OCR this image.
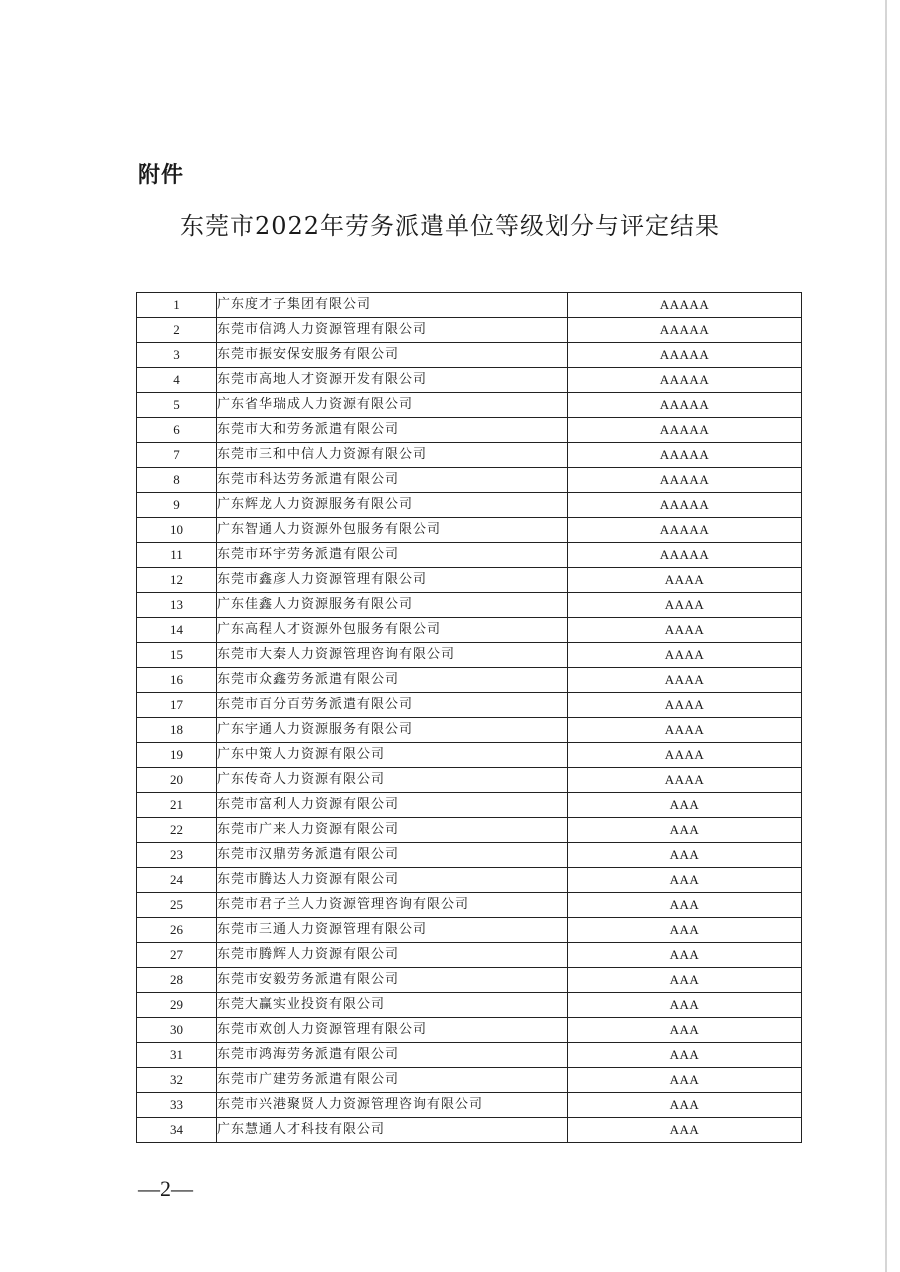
附件
东莞市2022年劳务派遣单位等级划分与评定结果
1	广东度才子集团有限公司	AAAAA
2	东莞市信鸿人力资源管理有限公司	AAAAA
3	东莞市振安保安服务有限公司	AAAAA
4	东莞市高地人才资源开发有限公司	AAAAA
5	广东省华瑞成人力资源有限公司	AAAAA
6	东莞市大和劳务派遣有限公司	AAAAA
7	东莞市三和中信人力资源有限公司	AAAAA
8	东莞市科达劳务派遣有限公司	AAAAA
9	广东辉龙人力资源服务有限公司	AAAAA
10	广东智通人力资源外包服务有限公司	AAAAA
11	东莞市环宇劳务派遣有限公司	AAAAA
12	东莞市鑫彦人力资源管理有限公司	AAAA
13	广东佳鑫人力资源服务有限公司	AAAA
14	广东高程人才资源外包服务有限公司	AAAA
15	东莞市大秦人力资源管理咨询有限公司	AAAA
16	东莞市众鑫劳务派遣有限公司	AAAA
17	东莞市百分百劳务派遣有限公司	AAAA
18	广东宇通人力资源服务有限公司	AAAA
19	广东中策人力资源有限公司	AAAA
20	广东传奇人力资源有限公司	AAAA
21	东莞市富利人力资源有限公司	AAA
22	东莞市广来人力资源有限公司	AAA
23	东莞市汉鼎劳务派遣有限公司	AAA
24	东莞市腾达人力资源有限公司	AAA
25	东莞市君子兰人力资源管理咨询有限公司	AAA
26	东莞市三通人力资源管理有限公司	AAA
27	东莞市腾辉人力资源有限公司	AAA
28	东莞市安毅劳务派遣有限公司	AAA
29	东莞大赢实业投资有限公司	AAA
30	东莞市欢创人力资源管理有限公司	AAA
31	东莞市鸿海劳务派遣有限公司	AAA
32	东莞市广建劳务派遣有限公司	AAA
33	东莞市兴港聚贤人力资源管理咨询有限公司	AAA
34	广东慧通人才科技有限公司	AAA
—2—
